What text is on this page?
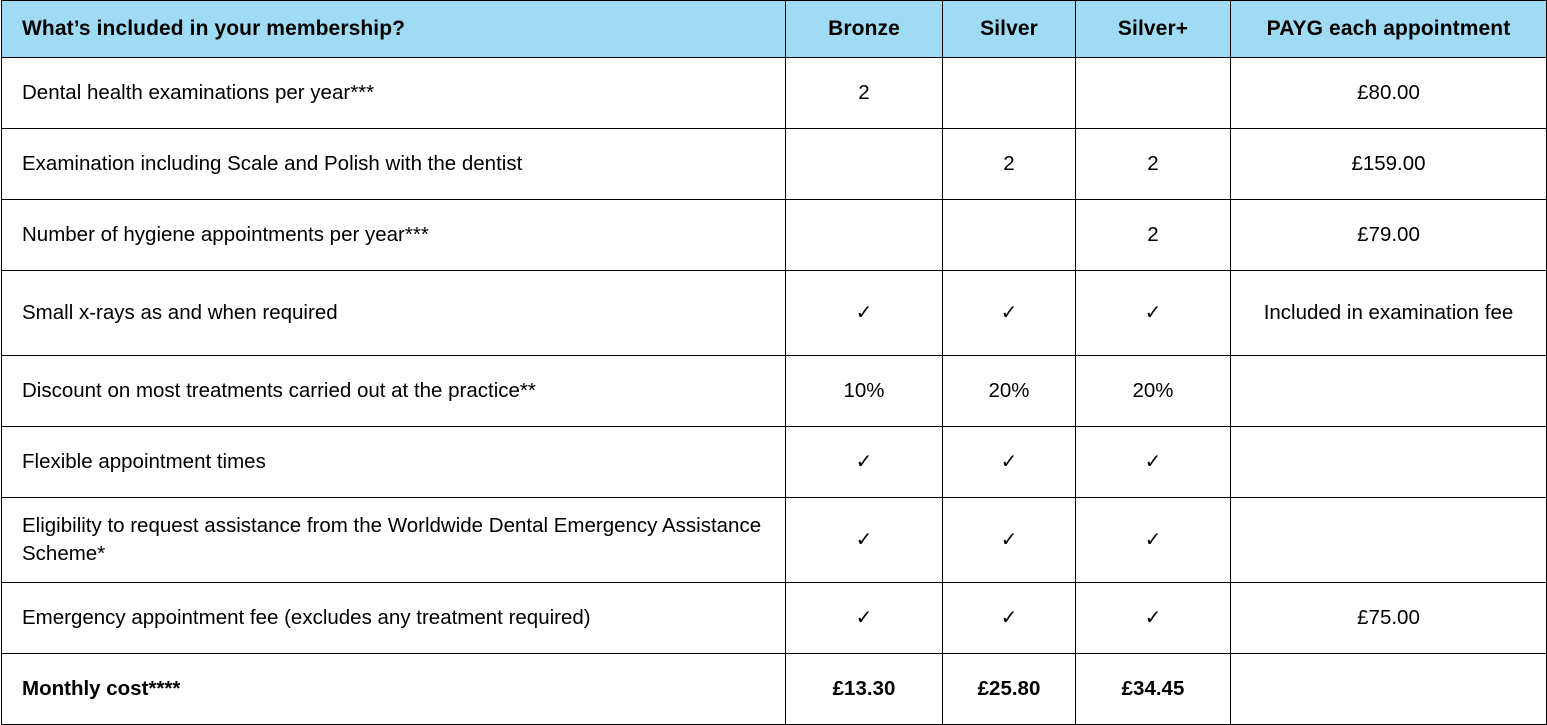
What’s included in your membership?	Bronze	Silver	Silver+	PAYG each appointment
Dental health examinations per year***	2			£80.00
Examination including Scale and Polish with the dentist		2	2	£159.00
Number of hygiene appointments per year***			2	£79.00
Small x-rays as and when required	✓	✓	✓	Included in examination fee
Discount on most treatments carried out at the practice**	10%	20%	20%	
Flexible appointment times	✓	✓	✓	
Eligibility to request assistance from the Worldwide Dental Emergency Assistance Scheme*	✓	✓	✓	
Emergency appointment fee (excludes any treatment required)	✓	✓	✓	£75.00
Monthly cost****	£13.30	£25.80	£34.45	
